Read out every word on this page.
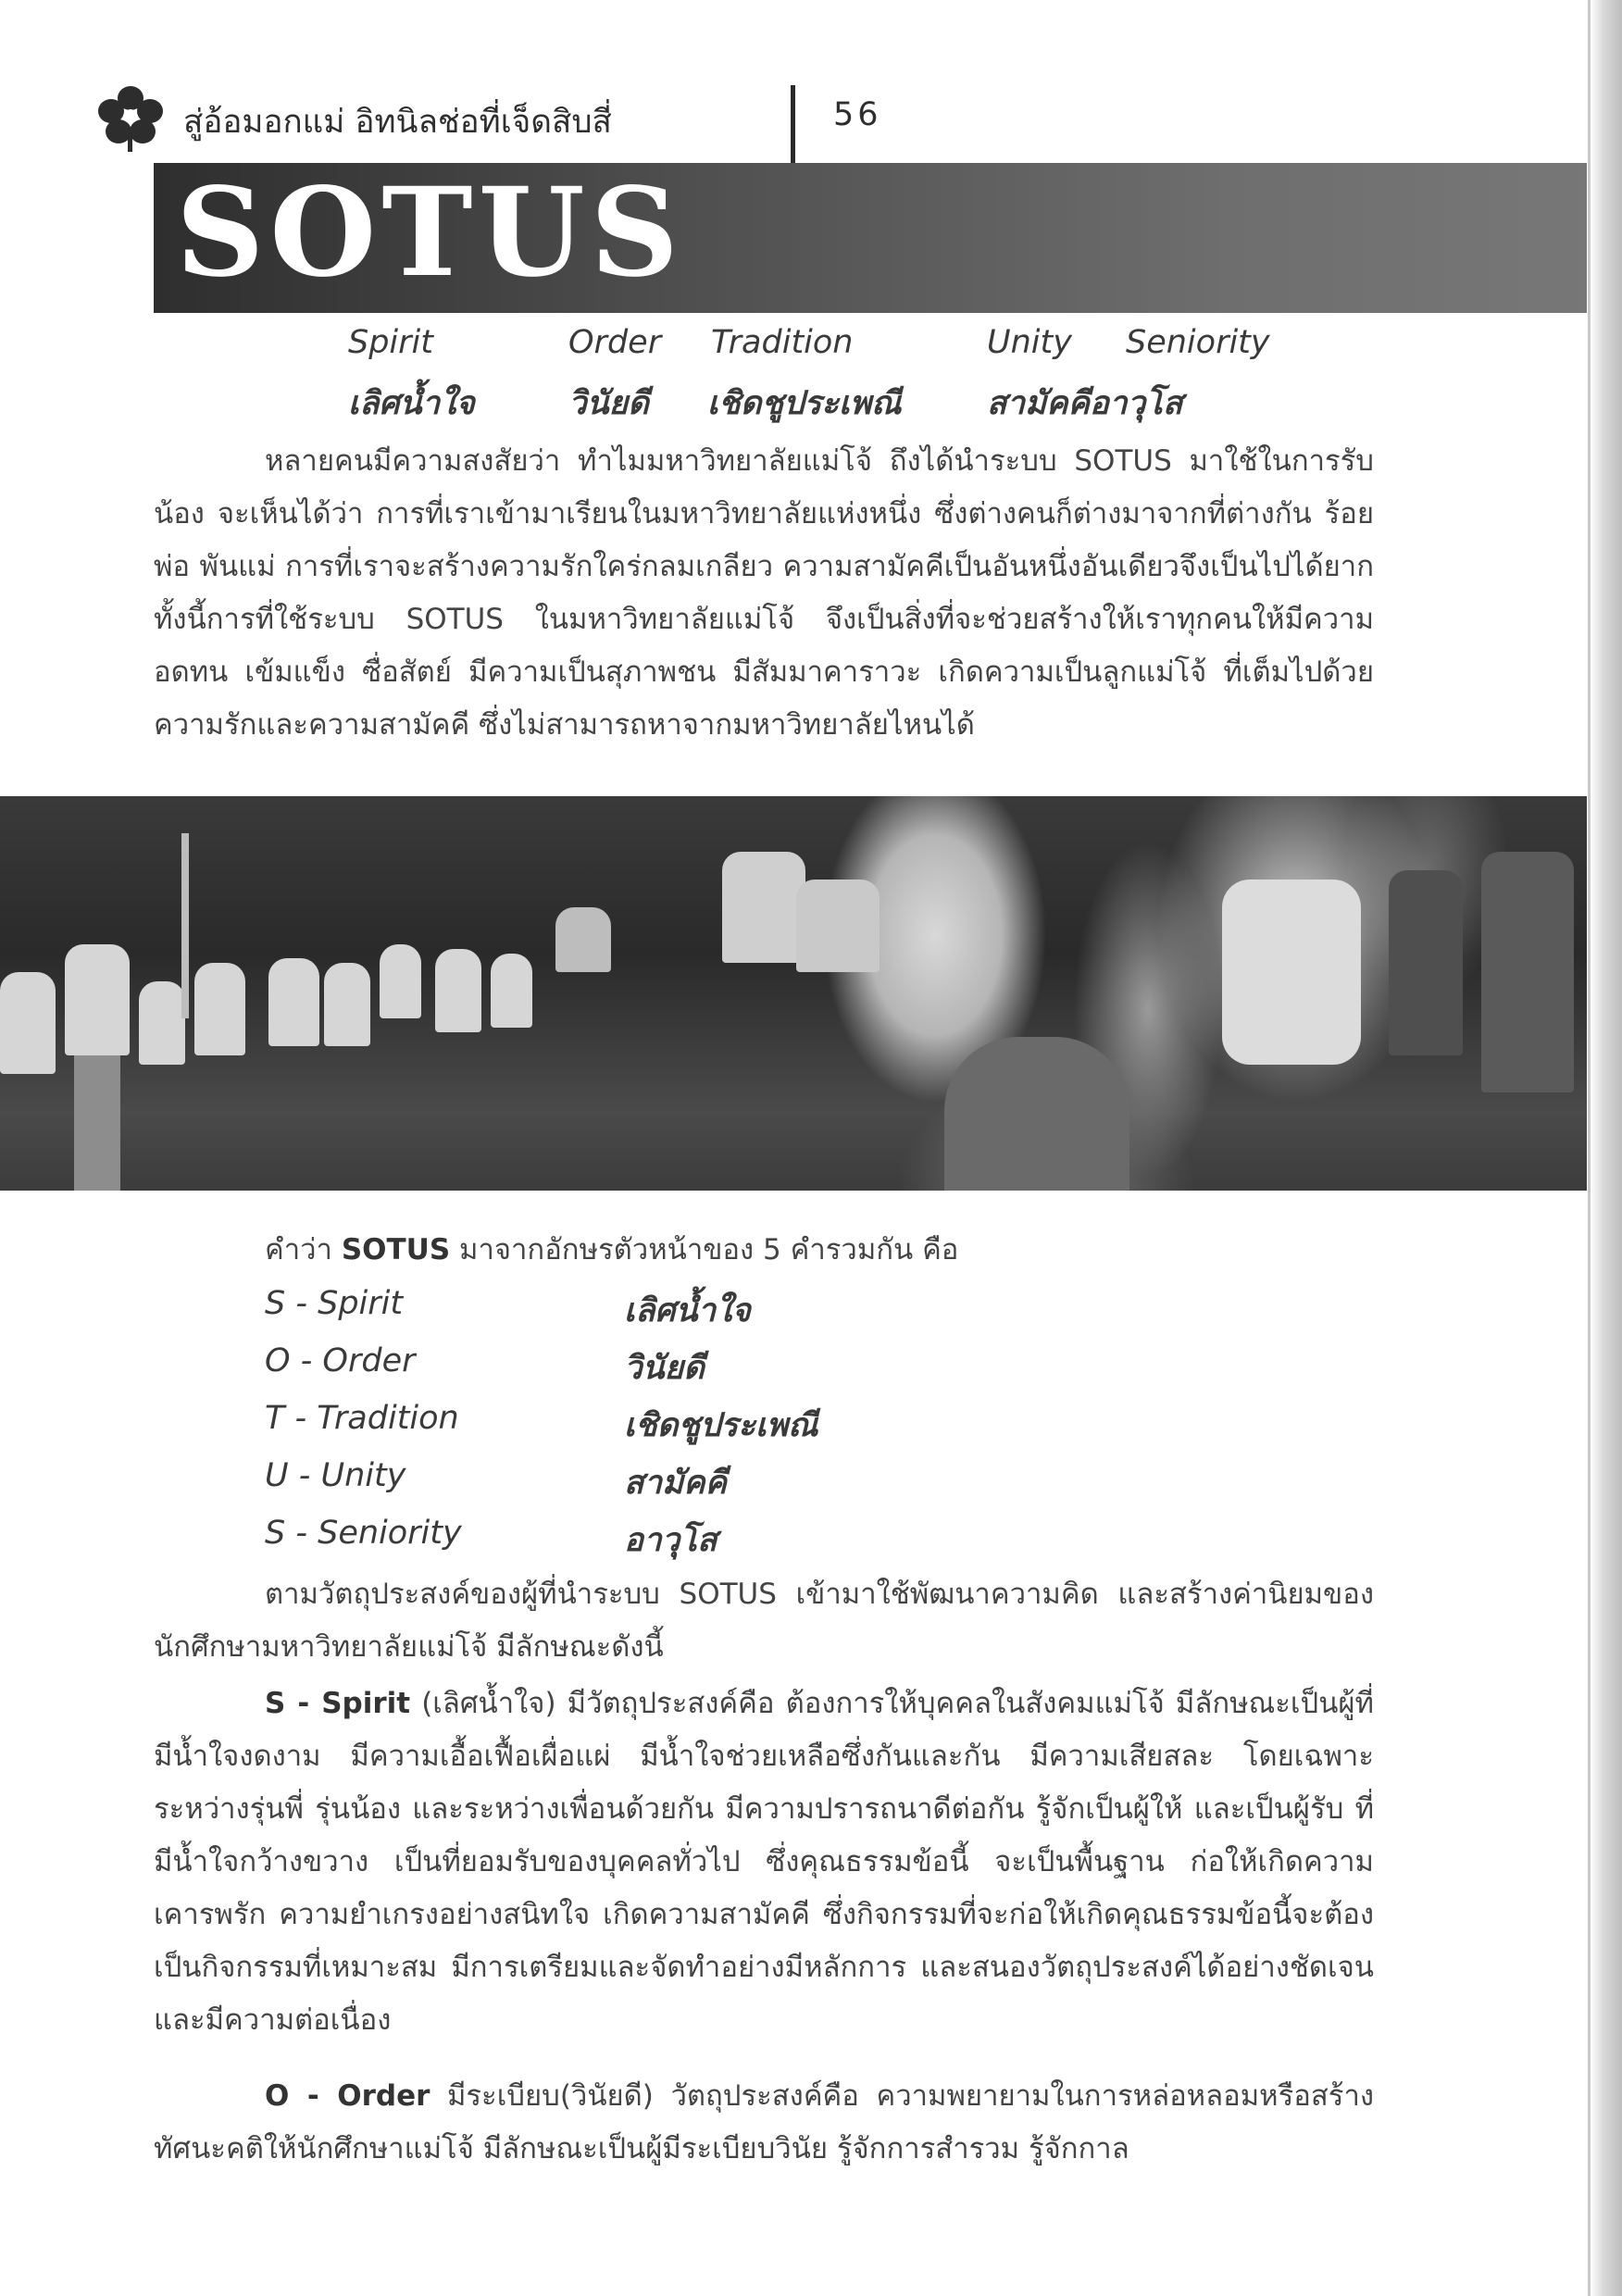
สู่อ้อมอกแม่ อิทนิลช่อที่เจ็ดสิบสี่	56
SOTUS
Spirit	Order Tradition	Unity Seniority
เลิศน้ำใจ	วินัยดี เชิดชูประเพณี	สามัคคีอาวุโส

หลายคนมีความสงสัยว่า ทำไมมหาวิทยาลัยแม่โจ้ ถึงได้นำระบบ SOTUS มาใช้ในการรับน้อง จะเห็นได้ว่า การที่เราเข้ามาเรียนในมหาวิทยาลัยแห่งหนึ่ง ซึ่งต่างคนก็ต่างมาจากที่ต่างกัน ร้อยพ่อ พันแม่ การที่เราจะสร้างความรักใคร่กลมเกลียว ความสามัคคีเป็นอันหนึ่งอันเดียวจึงเป็นไปได้ยาก ทั้งนี้การที่ใช้ระบบ SOTUS ในมหาวิทยาลัยแม่โจ้ จึงเป็นสิ่งที่จะช่วยสร้างให้เราทุกคนให้มีความอดทน เข้มแข็ง ซื่อสัตย์ มีความเป็นสุภาพชน มีสัมมาคาราวะ เกิดความเป็นลูกแม่โจ้ ที่เต็มไปด้วยความรักและความสามัคคี ซึ่งไม่สามารถหาจากมหาวิทยาลัยไหนได้

คำว่า SOTUS มาจากอักษรตัวหน้าของ 5 คำรวมกัน คือ

S - Spirit	เลิศน้ำใจ
O - Order	วินัยดี
T - Tradition	เชิดชูประเพณี
U - Unity	สามัคคี
S - Seniority	อาวุโส

ตามวัตถุประสงค์ของผู้ที่นำระบบ SOTUS เข้ามาใช้พัฒนาความคิด และสร้างค่านิยมของนักศึกษามหาวิทยาลัยแม่โจ้ มีลักษณะดังนี้

S - Spirit (เลิศน้ำใจ) มีวัตถุประสงค์คือ ต้องการให้บุคคลในสังคมแม่โจ้ มีลักษณะเป็นผู้ที่มีน้ำใจงดงาม มีความเอื้อเฟื้อเผื่อแผ่ มีน้ำใจช่วยเหลือซึ่งกันและกัน มีความเสียสละ โดยเฉพาะระหว่างรุ่นพี่ รุ่นน้อง และระหว่างเพื่อนด้วยกัน มีความปรารถนาดีต่อกัน รู้จักเป็นผู้ให้ และเป็นผู้รับ ที่มีน้ำใจกว้างขวาง เป็นที่ยอมรับของบุคคลทั่วไป ซึ่งคุณธรรมข้อนี้ จะเป็นพื้นฐาน ก่อให้เกิดความเคารพรัก ความยำเกรงอย่างสนิทใจ เกิดความสามัคคี ซึ่งกิจกรรมที่จะก่อให้เกิดคุณธรรมข้อนี้จะต้องเป็นกิจกรรมที่เหมาะสม มีการเตรียมและจัดทำอย่างมีหลักการ และสนองวัตถุประสงค์ได้อย่างชัดเจน และมีความต่อเนื่อง

O - Order มีระเบียบ(วินัยดี) วัตถุประสงค์คือ ความพยายามในการหล่อหลอมหรือสร้างทัศนะคติให้นักศึกษาแม่โจ้ มีลักษณะเป็นผู้มีระเบียบวินัย รู้จักการสำรวม รู้จักกาล
